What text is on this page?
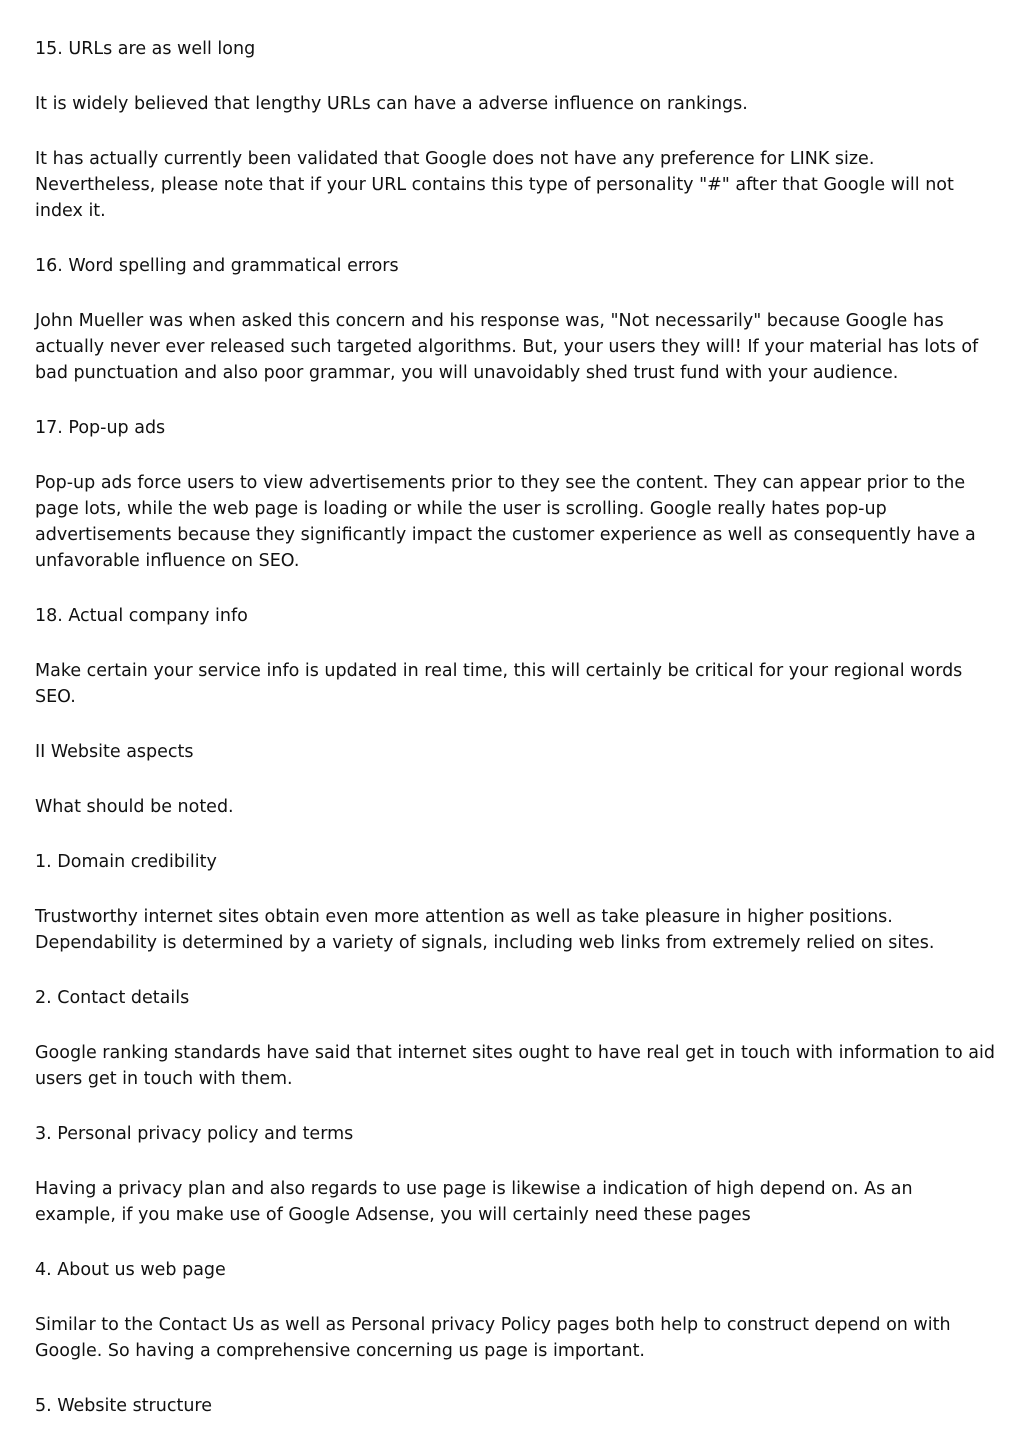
15. URLs are as well long

It is widely believed that lengthy URLs can have a adverse influence on rankings.

It has actually currently been validated that Google does not have any preference for LINK size. Nevertheless, please note that if your URL contains this type of personality "#" after that Google will not index it.

16. Word spelling and grammatical errors

John Mueller was when asked this concern and his response was, "Not necessarily" because Google has actually never ever released such targeted algorithms. But, your users they will! If your material has lots of bad punctuation and also poor grammar, you will unavoidably shed trust fund with your audience.

17. Pop-up ads

Pop-up ads force users to view advertisements prior to they see the content. They can appear prior to the page lots, while the web page is loading or while the user is scrolling. Google really hates pop-up advertisements because they significantly impact the customer experience as well as consequently have a unfavorable influence on SEO.

18. Actual company info

Make certain your service info is updated in real time, this will certainly be critical for your regional words SEO.

II Website aspects

What should be noted.

1. Domain credibility

Trustworthy internet sites obtain even more attention as well as take pleasure in higher positions. Dependability is determined by a variety of signals, including web links from extremely relied on sites.

2. Contact details

Google ranking standards have said that internet sites ought to have real get in touch with information to aid users get in touch with them.

3. Personal privacy policy and terms

Having a privacy plan and also regards to use page is likewise a indication of high depend on. As an example, if you make use of Google Adsense, you will certainly need these pages

4. About us web page

Similar to the Contact Us as well as Personal privacy Policy pages both help to construct depend on with Google. So having a comprehensive concerning us page is important.

5. Website structure
